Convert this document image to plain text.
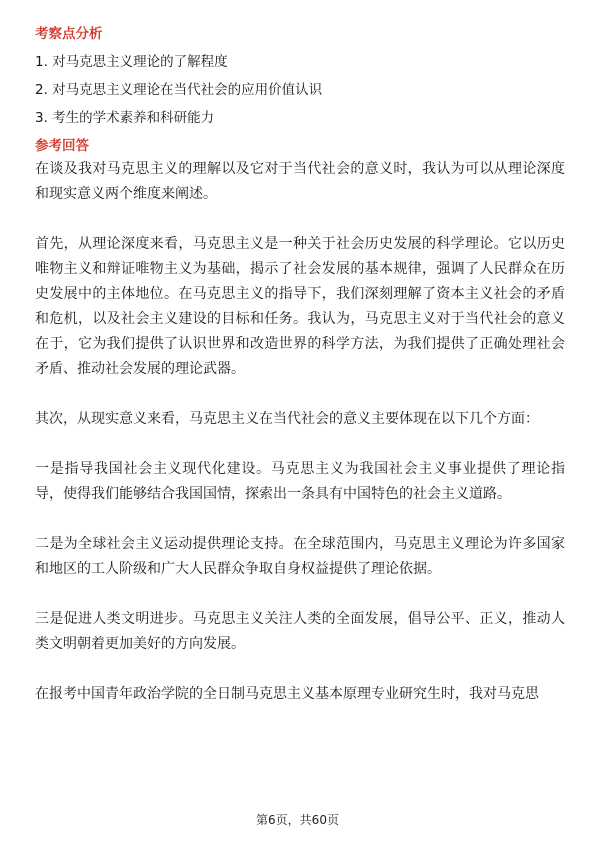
考察点分析
1. 对马克思主义理论的了解程度
2. 对马克思主义理论在当代社会的应用价值认识
3. 考生的学术素养和科研能力
参考回答

在谈及我对马克思主义的理解以及它对于当代社会的意义时，我认为可以从理论深度和现实意义两个维度来阐述。

首先，从理论深度来看，马克思主义是一种关于社会历史发展的科学理论。它以历史唯物主义和辩证唯物主义为基础，揭示了社会发展的基本规律，强调了人民群众在历史发展中的主体地位。在马克思主义的指导下，我们深刻理解了资本主义社会的矛盾和危机，以及社会主义建设的目标和任务。我认为，马克思主义对于当代社会的意义在于，它为我们提供了认识世界和改造世界的科学方法，为我们提供了正确处理社会矛盾、推动社会发展的理论武器。

其次，从现实意义来看，马克思主义在当代社会的意义主要体现在以下几个方面：

一是指导我国社会主义现代化建设。马克思主义为我国社会主义事业提供了理论指导，使得我们能够结合我国国情，探索出一条具有中国特色的社会主义道路。

二是为全球社会主义运动提供理论支持。在全球范围内，马克思主义理论为许多国家和地区的工人阶级和广大人民群众争取自身权益提供了理论依据。

三是促进人类文明进步。马克思主义关注人类的全面发展，倡导公平、正义，推动人类文明朝着更加美好的方向发展。

在报考中国青年政治学院的全日制马克思主义基本原理专业研究生时，我对马克思

第6页，共60页
